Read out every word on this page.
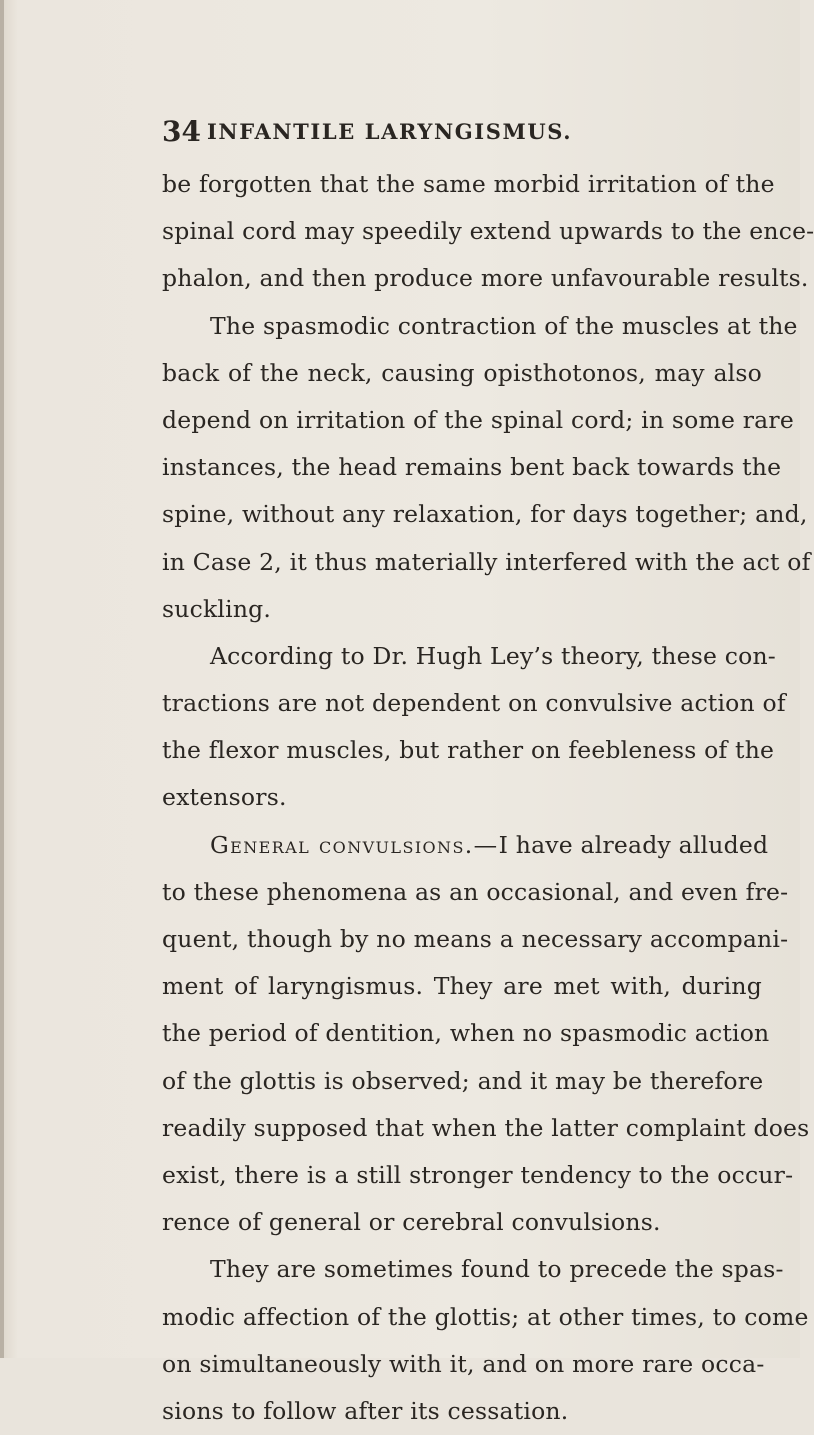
34 INFANTILE LARYNGISMUS.
be forgotten that the same morbid irritation of the
spinal cord may speedily extend upwards to the ence-
phalon, and then produce more unfavourable results.
The spasmodic contraction of the muscles at the
back of the neck, causing opisthotonos, may also
depend on irritation of the spinal cord; in some rare
instances, the head remains bent back towards the
spine, without any relaxation, for days together; and,
in Case 2, it thus materially interfered with the act of
suckling.
According to Dr. Hugh Ley’s theory, these con-
tractions are not dependent on convulsive action of
the flexor muscles, but rather on feebleness of the
extensors.
General convulsions.—I have already alluded
to these phenomena as an occasional, and even fre-
quent, though by no means a necessary accompani-
ment of laryngismus. They are met with, during
the period of dentition, when no spasmodic action
of the glottis is observed; and it may be therefore
readily supposed that when the latter complaint does
exist, there is a still stronger tendency to the occur-
rence of general or cerebral convulsions.
They are sometimes found to precede the spas-
modic affection of the glottis; at other times, to come
on simultaneously with it, and on more rare occa-
sions to follow after its cessation.
